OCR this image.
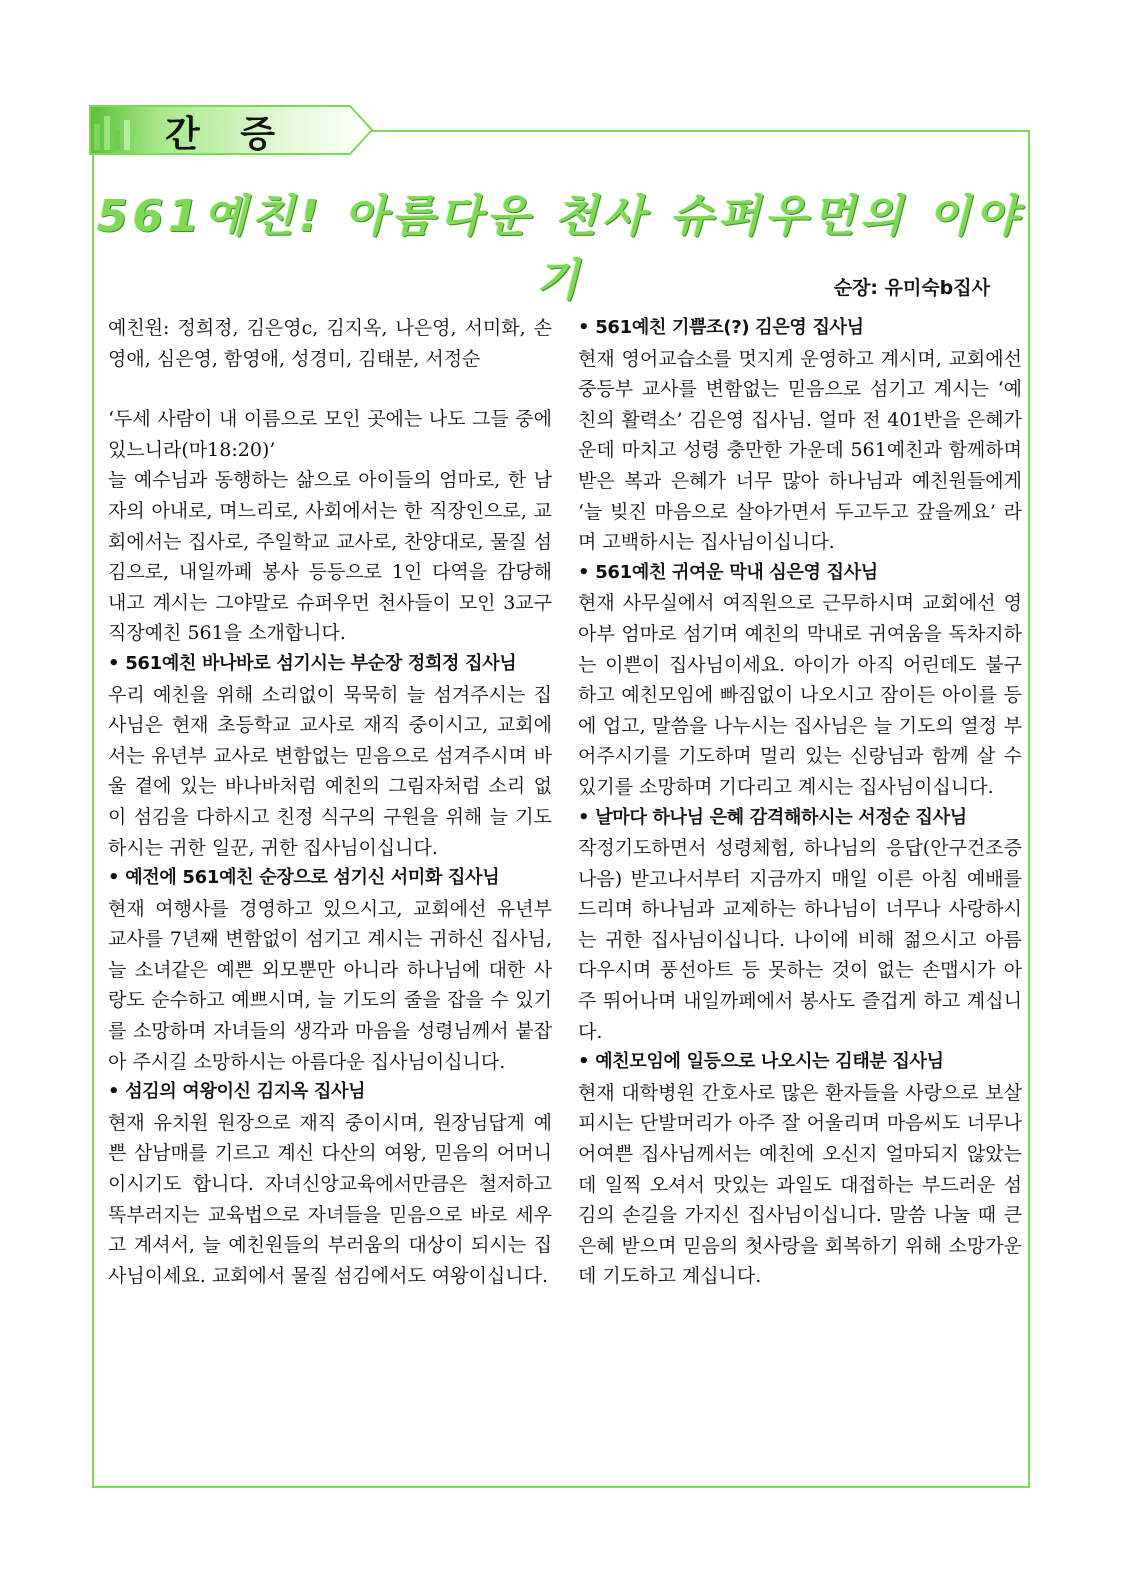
간 증
561예친! 아름다운 천사 슈퍼우먼의 이야기	순장: 유미숙b집사

예친원: 정희정, 김은영c, 김지옥, 나은영, 서미화, 손영애, 심은영, 함영애, 성경미, 김태분, 서정순

‘두세 사람이 내 이름으로 모인 곳에는 나도 그들 중에 있느니라(마18:20)’

늘 예수님과 동행하는 삶으로 아이들의 엄마로, 한 남자의 아내로, 며느리로, 사회에서는 한 직장인으로, 교회에서는 집사로, 주일학교 교사로, 찬양대로, 물질 섬김으로, 내일까페 봉사 등등으로 1인 다역을 감당해 내고 계시는 그야말로 슈퍼우먼 천사들이 모인 3교구 직장예친 561을 소개합니다.

• 561예친 바나바로 섬기시는 부순장 정희정 집사님

우리 예친을 위해 소리없이 묵묵히 늘 섬겨주시는 집사님은 현재 초등학교 교사로 재직 중이시고, 교회에서는 유년부 교사로 변함없는 믿음으로 섬겨주시며 바울 곁에 있는 바나바처럼 예친의 그림자처럼 소리 없이 섬김을 다하시고 친정 식구의 구원을 위해 늘 기도하시는 귀한 일꾼, 귀한 집사님이십니다.

• 예전에 561예친 순장으로 섬기신 서미화 집사님

현재 여행사를 경영하고 있으시고, 교회에선 유년부 교사를 7년째 변함없이 섬기고 계시는 귀하신 집사님, 늘 소녀같은 예쁜 외모뿐만 아니라 하나님에 대한 사랑도 순수하고 예쁘시며, 늘 기도의 줄을 잡을 수 있기를 소망하며 자녀들의 생각과 마음을 성령님께서 붙잡아 주시길 소망하시는 아름다운 집사님이십니다.

• 섬김의 여왕이신 김지옥 집사님

현재 유치원 원장으로 재직 중이시며, 원장님답게 예쁜 삼남매를 기르고 계신 다산의 여왕, 믿음의 어머니이시기도 합니다. 자녀신앙교육에서만큼은 철저하고 똑부러지는 교육법으로 자녀들을 믿음으로 바로 세우고 계셔서, 늘 예친원들의 부러움의 대상이 되시는 집사님이세요. 교회에서 물질 섬김에서도 여왕이십니다.

• 561예친 기쁨조(?) 김은영 집사님

현재 영어교습소를 멋지게 운영하고 계시며, 교회에선 중등부 교사를 변함없는 믿음으로 섬기고 계시는 ‘예친의 활력소’ 김은영 집사님. 얼마 전 401반을 은혜가운데 마치고 성령 충만한 가운데 561예친과 함께하며 받은 복과 은혜가 너무 많아 하나님과 예친원들에게 ‘늘 빚진 마음으로 살아가면서 두고두고 갚을께요’ 라며 고백하시는 집사님이십니다.

• 561예친 귀여운 막내 심은영 집사님

현재 사무실에서 여직원으로 근무하시며 교회에선 영아부 엄마로 섬기며 예친의 막내로 귀여움을 독차지하는 이쁜이 집사님이세요. 아이가 아직 어린데도 불구하고 예친모임에 빠짐없이 나오시고 잠이든 아이를 등에 업고, 말씀을 나누시는 집사님은 늘 기도의 열정 부어주시기를 기도하며 멀리 있는 신랑님과 함께 살 수 있기를 소망하며 기다리고 계시는 집사님이십니다.

• 날마다 하나님 은혜 감격해하시는 서정순 집사님

작정기도하면서 성령체험, 하나님의 응답(안구건조증 나음) 받고나서부터 지금까지 매일 이른 아침 예배를 드리며 하나님과 교제하는 하나님이 너무나 사랑하시는 귀한 집사님이십니다. 나이에 비해 젊으시고 아름다우시며 풍선아트 등 못하는 것이 없는 손맵시가 아주 뛰어나며 내일까페에서 봉사도 즐겁게 하고 계십니다.

• 예친모임에 일등으로 나오시는 김태분 집사님

현재 대학병원 간호사로 많은 환자들을 사랑으로 보살피시는 단발머리가 아주 잘 어울리며 마음씨도 너무나 어여쁜 집사님께서는 예친에 오신지 얼마되지 않았는데 일찍 오셔서 맛있는 과일도 대접하는 부드러운 섬김의 손길을 가지신 집사님이십니다. 말씀 나눌 때 큰 은혜 받으며 믿음의 첫사랑을 회복하기 위해 소망가운데 기도하고 계십니다.
